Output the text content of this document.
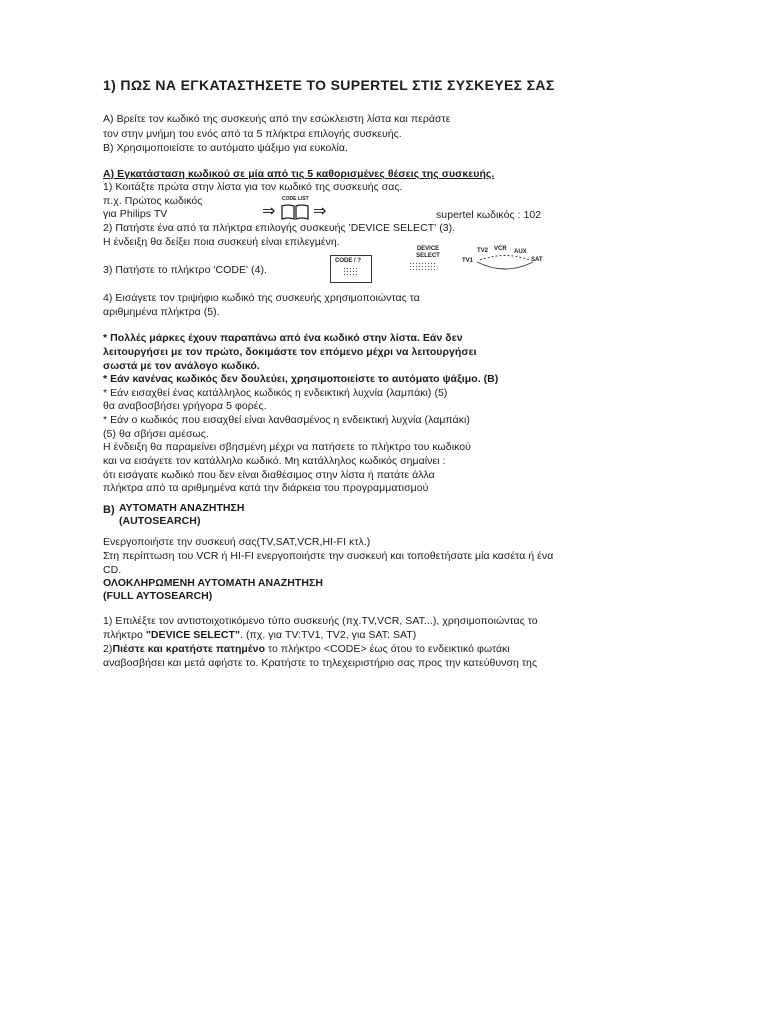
1) ΠΩΣ ΝΑ ΕΓΚΑΤΑΣΤΗΣΕΤΕ ΤΟ SUPERTEL ΣΤΙΣ ΣΥΣΚΕΥΕΣ ΣΑΣ
A) Βρείτε τον κωδικό της συσκευής από την εσώκλειστη λίστα και περάστε
τον στην μνήμη του ενός από τα 5 πλήκτρα επιλογής συσκευής.
B) Χρησιμοποιείστε το αυτόματο ψάξιμο για ευκολία.
A) Εγκατάσταση κωδικού σε μία από τις 5 καθορισμένες θέσεις της συσκευής.
1) Κοιτάξτε πρώτα στην λίστα για τον κωδικό της συσκευής σας.
π.χ. Πρώτος κωδικός
για Philips TV
CODE LIST
⇒ ⇒	supertel κωδικός : 102
2) Πατήστε ένα από τα πλήκτρα επιλογής συσκευής 'DEVICE SELECT' (3).
Η ένδειξη θα δείξει ποια συσκευή είναι επιλεγμένη.
DEVICE SELECT
TV2 VCR AUX
TV1	SAT
3) Πατήστε το πλήκτρο 'CODE' (4).
CODE / ?
4) Εισάγετε τον τριψήφιο κωδικό της συσκευής χρησιμοποιώντας τα
αριθμημένα πλήκτρα (5).
* Πολλές μάρκες έχουν παραπάνω από ένα κωδικό στην λίστα. Εάν δεν
λειτουργήσει με τον πρώτο, δοκιμάστε τον επόμενο μέχρι να λειτουργήσει
σωστά με τον ανάλογο κωδικό.
* Εάν κανένας κωδικός δεν δουλεύει, χρησιμοποιείστε το αυτόματο ψάξιμο. (B)
* Εάν εισαχθεί ένας κατάλληλος κωδικός η ενδεικτική λυχνία (λαμπάκι) (5)
θα αναβοσβήσει γρήγορα 5 φορές.
* Εάν ο κωδικός που εισαχθεί είναι λανθασμένος η ενδεικτική λυχνία (λαμπάκι)
(5) θα σβήσει αμέσως.
Η ένδειξη θα παραμείνει σβησμένη μέχρι να πατήσετε το πλήκτρο του κωδικού
και να εισάγετε τον κατάλληλο κωδικό. Μη κατάλληλος κωδικός σημαίνει :
ότι εισάγατε κωδικό που δεν είναι διαθέσιμος στην λίστα ή πατάτε άλλα
πλήκτρα από τα αριθμημένα κατά την διάρκεια του προγραμματισμού
B) ΑΥΤΟΜΑΤΗ ΑΝΑΖΗΤΗΣΗ
(AUTOSEARCH)
Ενεργοποιήστε την συσκευή σας(TV,SAT,VCR,HI-FI κτλ.)
Στη περίπτωση του VCR ή HI-FI ενεργοποιήστε την συσκευή και τοποθετήσατε μία κασέτα ή ένα
CD.
ΟΛΟΚΛΗΡΩΜΕΝΗ ΑΥΤΟΜΑΤΗ ΑΝΑΖΗΤΗΣΗ
(FULL AYTOSEARCH)
1) Επιλέξτε τον αντιστοιχοτικόμενο τύπο συσκευής (πχ.TV,VCR, SAT...), χρησιμοποιώντας το
πλήκτρο "DEVICE SELECT". (πχ. για TV:TV1, TV2, για SAT: SAT)
2)Πιέστε και κρατήστε πατημένο το πλήκτρο <CODE> έως ότου το ενδεικτικό φωτάκι
αναβοσβήσει και μετά αφήστε το. Κρατήστε το τηλεχειριστήριο σας προς την κατεύθυνση της
